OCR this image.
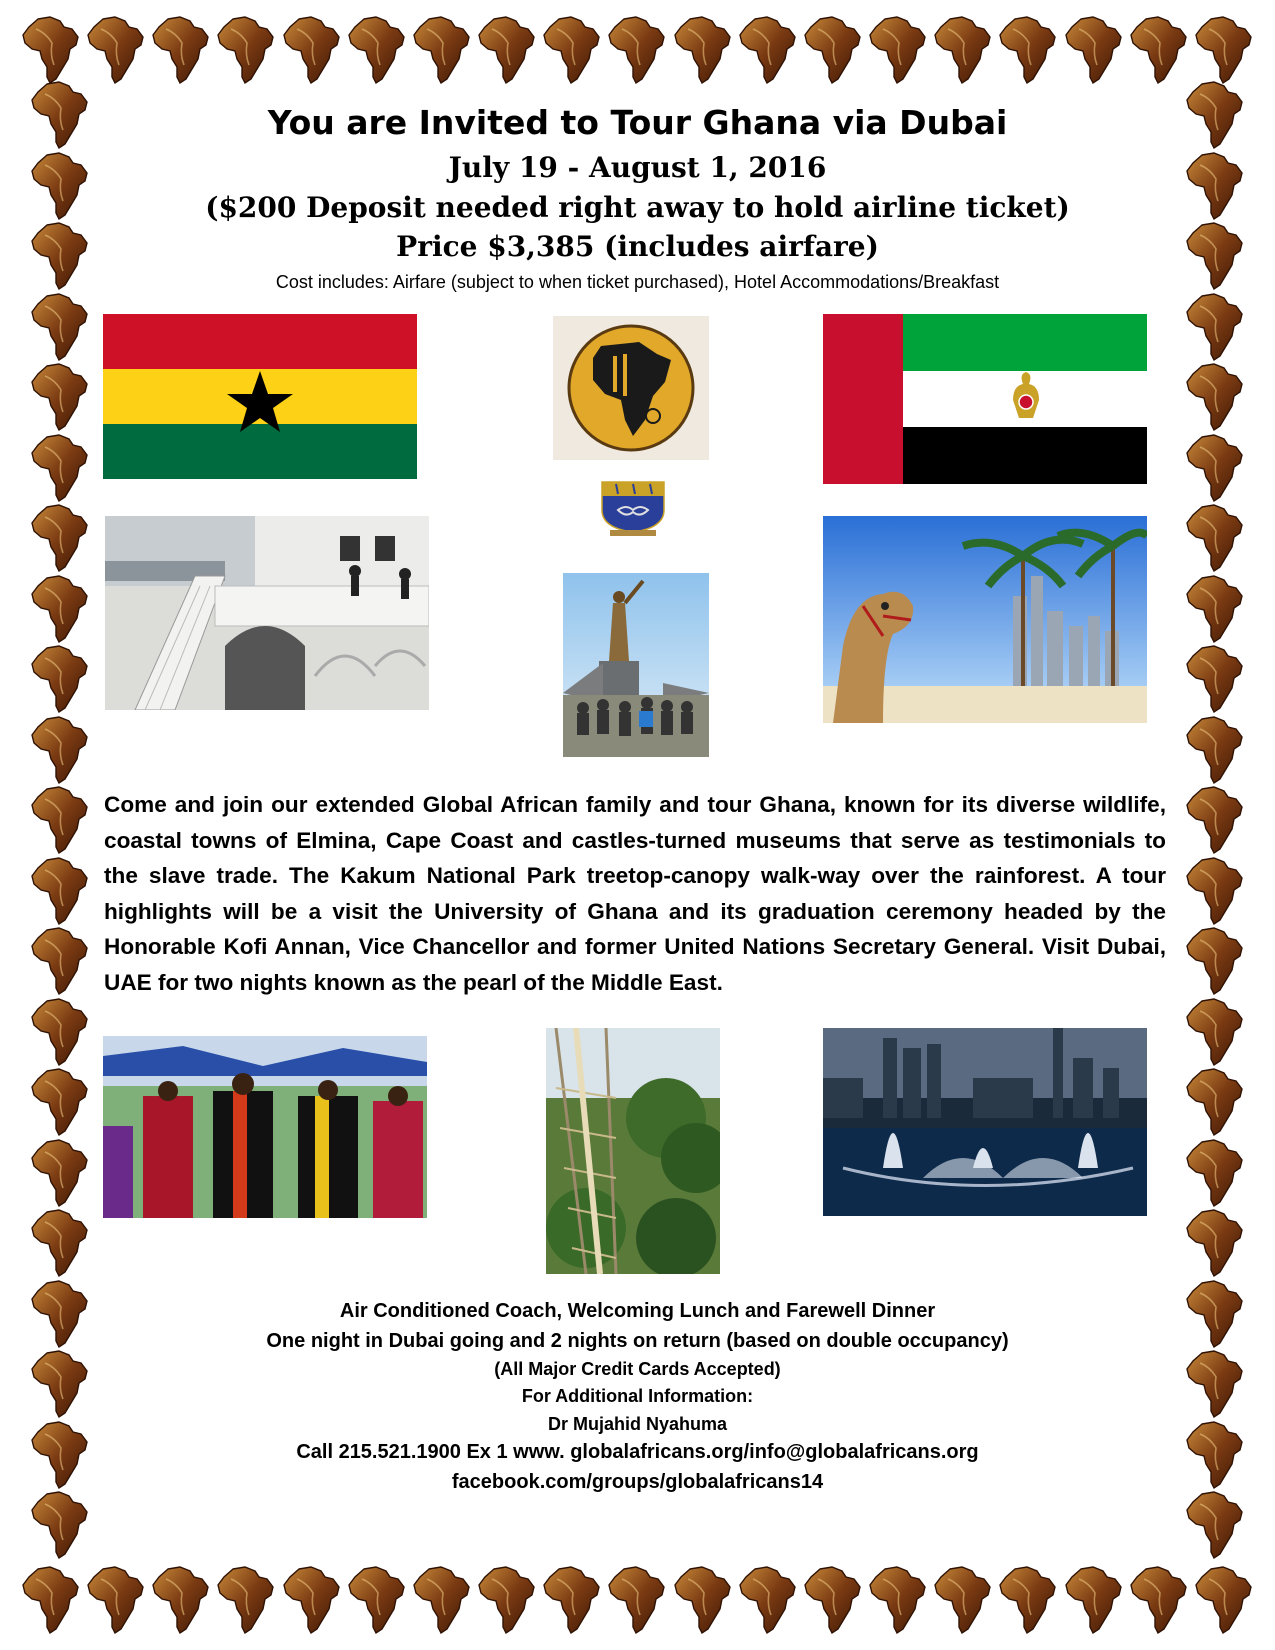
You are Invited to Tour Ghana via Dubai

July 19 - August 1, 2016

($200 Deposit needed right away to hold airline ticket)

Price $3,385 (includes airfare)

Cost includes: Airfare (subject to when ticket purchased), Hotel Accommodations/Breakfast

Come and join our extended Global African family and tour Ghana, known for its diverse wildlife, coastal towns of Elmina, Cape Coast and castles-turned museums that serve as testimonials to the slave trade. The Kakum National Park treetop-canopy walk-way over the rainforest. A tour highlights will be a visit the University of Ghana and its graduation ceremony headed by the Honorable Kofi Annan, Vice Chancellor and former United Nations Secretary General. Visit Dubai, UAE for two nights known as the pearl of the Middle East.

Air Conditioned Coach, Welcoming Lunch and Farewell Dinner

One night in Dubai going and 2 nights on return (based on double occupancy)

(All Major Credit Cards Accepted)

For Additional Information:

Dr Mujahid Nyahuma

Call 215.521.1900 Ex 1 www. globalafricans.org/info@globalafricans.org

facebook.com/groups/globalafricans14
